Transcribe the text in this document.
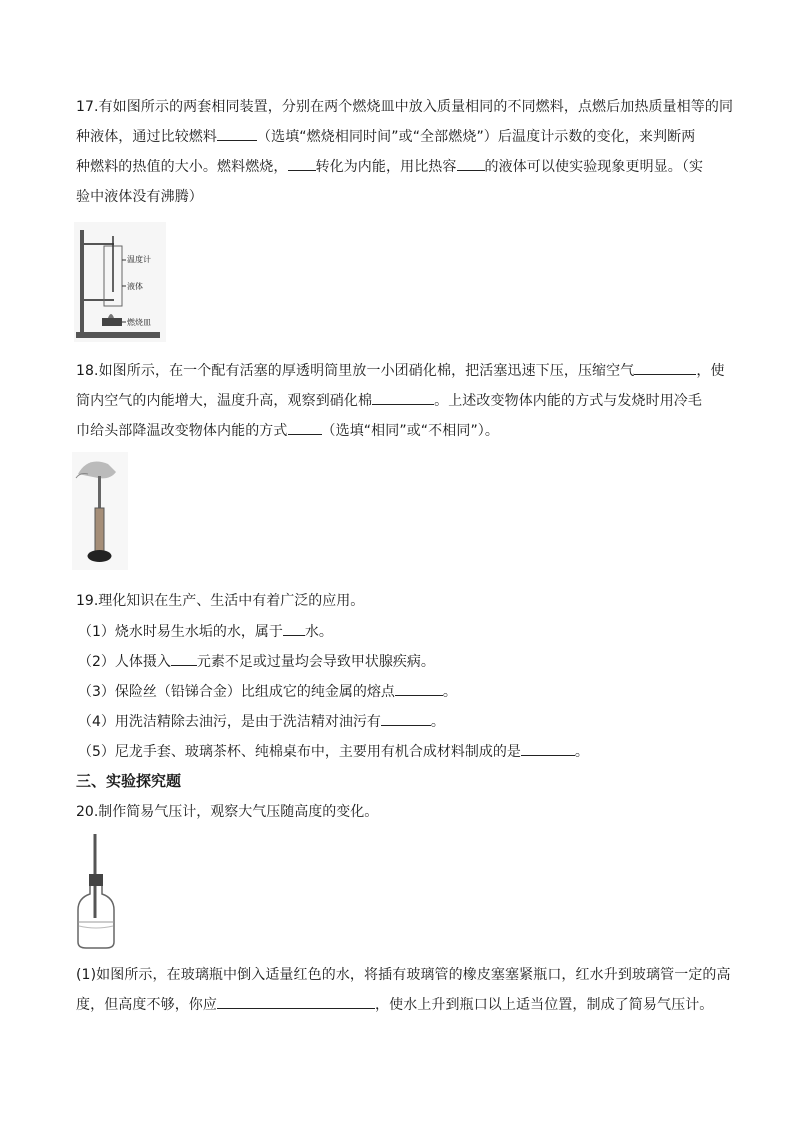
17.有如图所示的两套相同装置，分别在两个燃烧皿中放入质量相同的不同燃料，点燃后加热质量相等的同
种液体，通过比较燃料	（选填“燃烧相同时间”或“全部燃烧”）后温度计示数的变化，来判断两
种燃料的热值的大小。燃料燃烧， 转化为内能，用比热容 的液体可以使实验现象更明显。（实
验中液体没有沸腾）
温度计
液体
燃烧皿
18.如图所示，在一个配有活塞的厚透明筒里放一小团硝化棉，把活塞迅速下压，压缩空气	，使
筒内空气的内能增大，温度升高，观察到硝化棉	。上述改变物体内能的方式与发烧时用冷毛
巾给头部降温改变物体内能的方式 （选填“相同”或“不相同”）。

19.理化知识在生产、生活中有着广泛的应用。

（1）烧水时易生水垢的水，属于 水。

（2）人体摄入 元素不足或过量均会导致甲状腺疾病。

（3）保险丝（铅锑合金）比组成它的纯金属的熔点	。

（4）用洗洁精除去油污，是由于洗洁精对油污有	。

（5）尼龙手套、玻璃茶杯、纯棉桌布中，主要用有机合成材料制成的是	。

三、实验探究题

20.制作简易气压计，观察大气压随高度的变化。

(1)如图所示，在玻璃瓶中倒入适量红色的水，将插有玻璃管的橡皮塞塞紧瓶口，红水升到玻璃管一定的高
度，但高度不够，你应	，使水上升到瓶口以上适当位置，制成了简易气压计。
